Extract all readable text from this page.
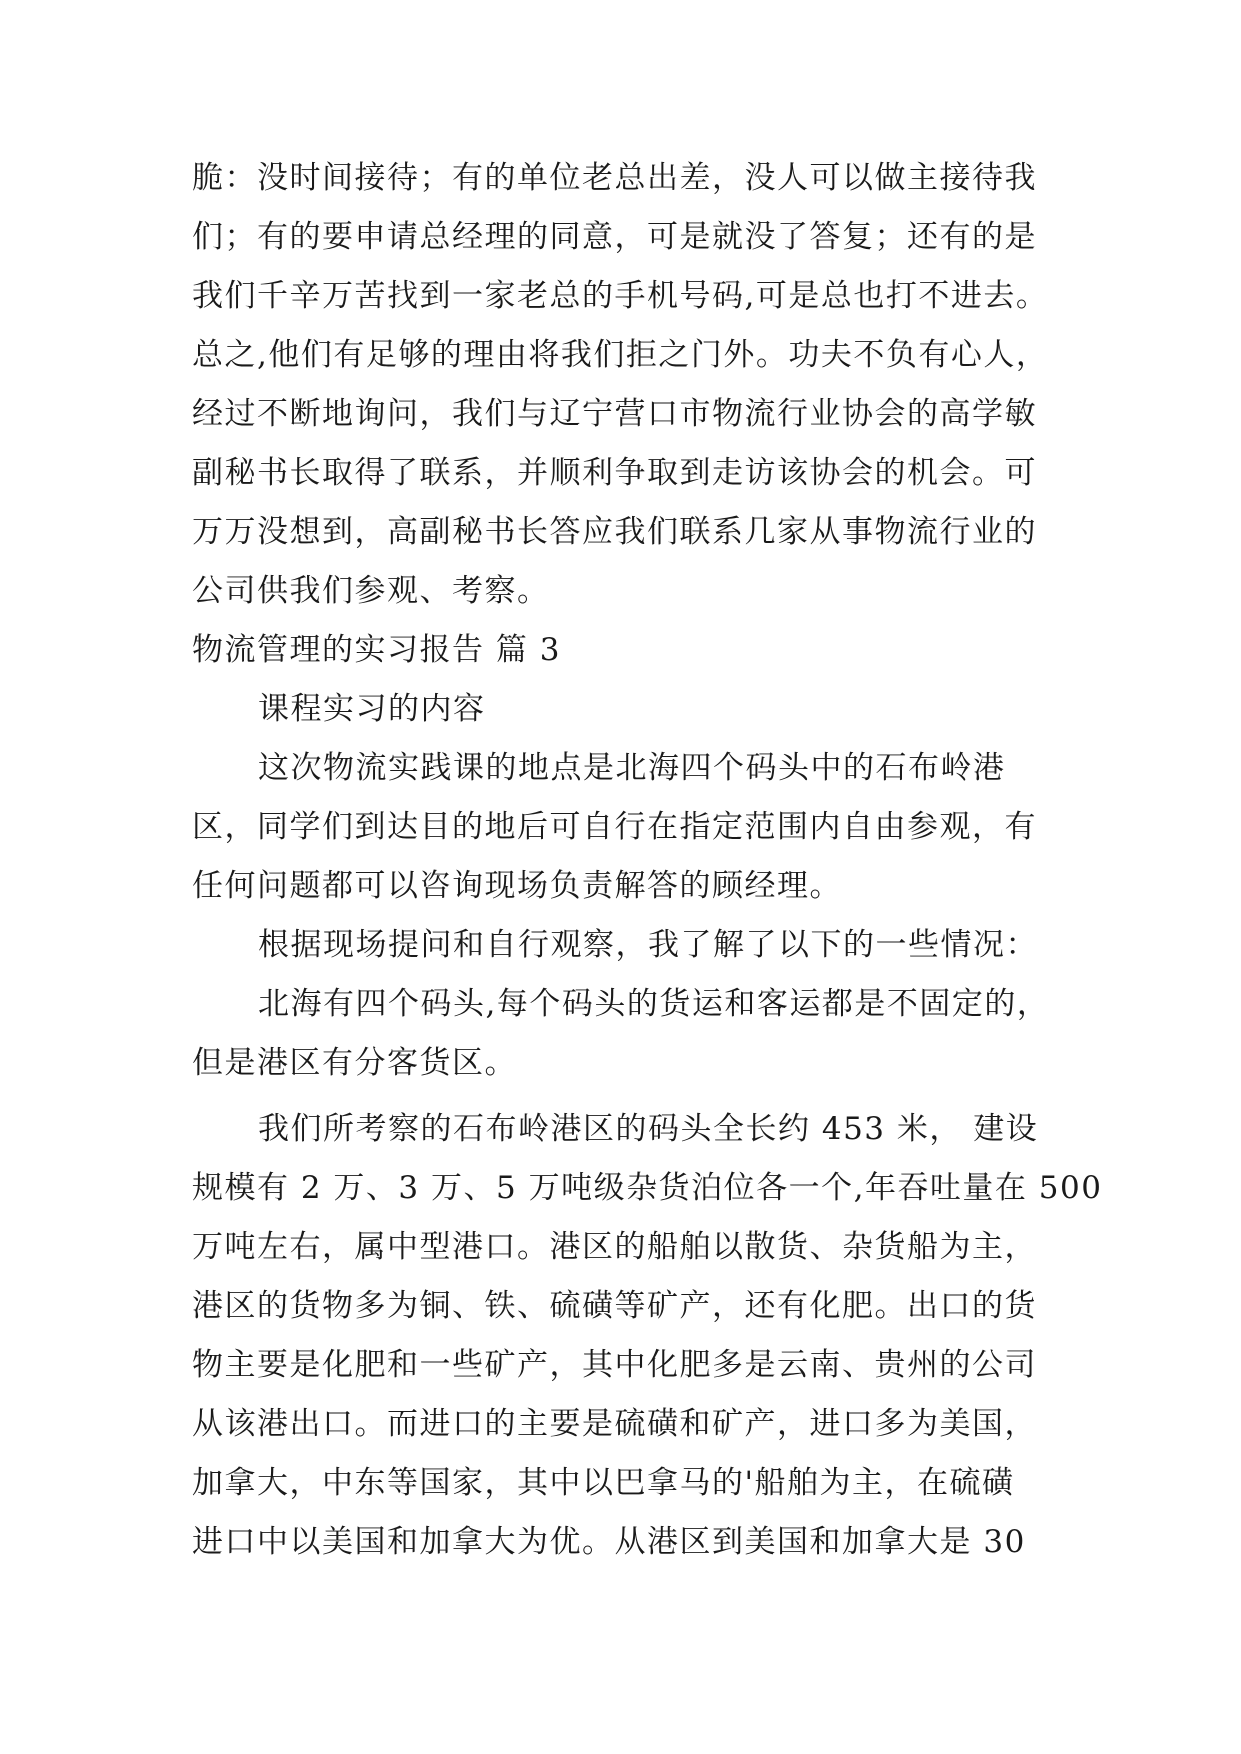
脆：没时间接待；有的单位老总出差，没人可以做主接待我
们；有的要申请总经理的同意，可是就没了答复；还有的是
我们千辛万苦找到一家老总的手机号码,可是总也打不进去。
总之,他们有足够的理由将我们拒之门外。功夫不负有心人，
经过不断地询问，我们与辽宁营口市物流行业协会的高学敏
副秘书长取得了联系，并顺利争取到走访该协会的机会。可
万万没想到，高副秘书长答应我们联系几家从事物流行业的
公司供我们参观、考察。
物流管理的实习报告 篇 3
课程实习的内容
这次物流实践课的地点是北海四个码头中的石布岭港
区，同学们到达目的地后可自行在指定范围内自由参观，有
任何问题都可以咨询现场负责解答的顾经理。
根据现场提问和自行观察，我了解了以下的一些情况：
北海有四个码头,每个码头的货运和客运都是不固定的，
但是港区有分客货区。
我们所考察的石布岭港区的码头全长约 453 米， 建设
规模有 2 万、3 万、5 万吨级杂货泊位各一个,年吞吐量在 500
万吨左右，属中型港口。港区的船舶以散货、杂货船为主，
港区的货物多为铜、铁、硫磺等矿产，还有化肥。出口的货
物主要是化肥和一些矿产，其中化肥多是云南、贵州的公司
从该港出口。而进口的主要是硫磺和矿产，进口多为美国，
加拿大，中东等国家，其中以巴拿马的'船舶为主，在硫磺
进口中以美国和加拿大为优。从港区到美国和加拿大是 30
